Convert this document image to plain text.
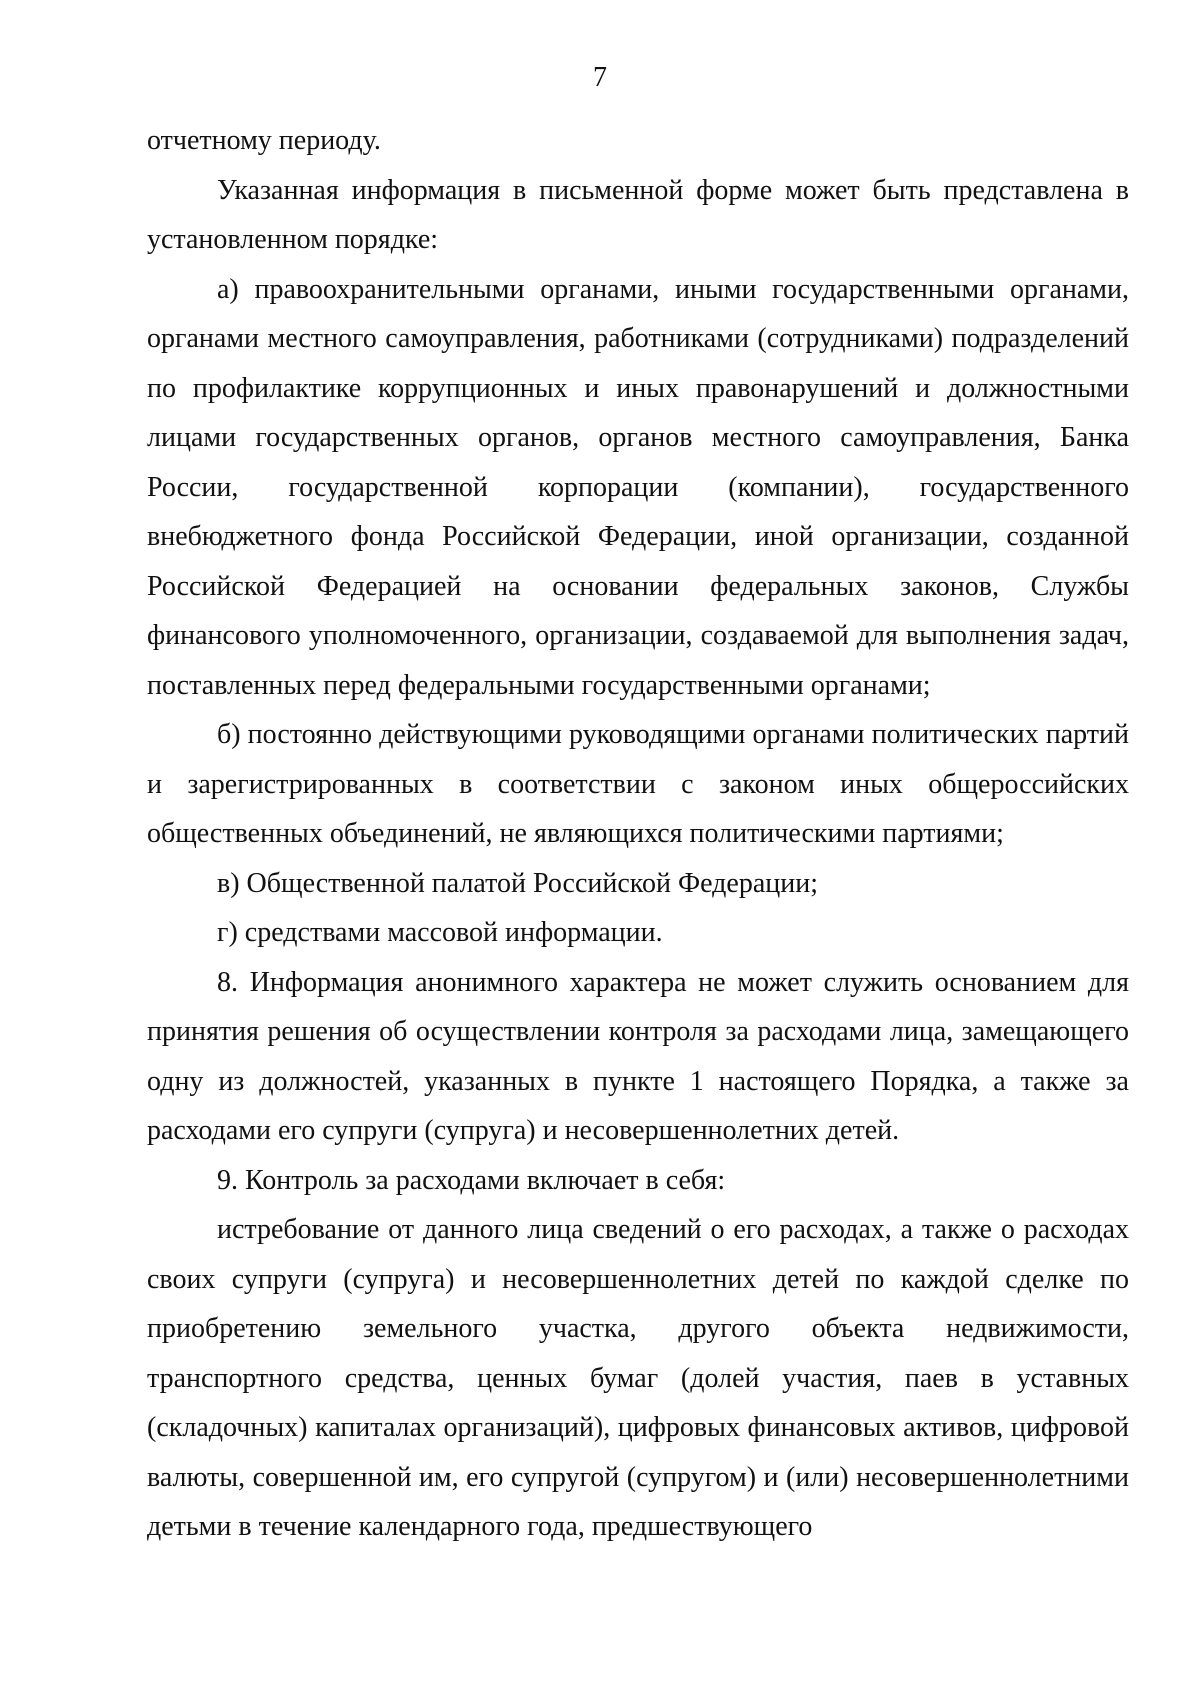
7

отчетному периоду.

Указанная информация в письменной форме может быть представлена в установленном порядке:

а) правоохранительными органами, иными государственными органами, органами местного самоуправления, работниками (сотрудниками) подразделений по профилактике коррупционных и иных правонарушений и должностными лицами государственных органов, органов местного самоуправления, Банка России, государственной корпорации (компании), государственного внебюджетного фонда Российской Федерации, иной организации, созданной Российской Федерацией на основании федеральных законов, Службы финансового уполномоченного, организации, создаваемой для выполнения задач, поставленных перед федеральными государственными органами;

б) постоянно действующими руководящими органами политических партий и зарегистрированных в соответствии с законом иных общероссийских общественных объединений, не являющихся политическими партиями;

в) Общественной палатой Российской Федерации;

г) средствами массовой информации.

8. Информация анонимного характера не может служить основанием для принятия решения об осуществлении контроля за расходами лица, замещающего одну из должностей, указанных в пункте 1 настоящего Порядка, а также за расходами его супруги (супруга) и несовершеннолетних детей.

9. Контроль за расходами включает в себя:

истребование от данного лица сведений о его расходах, а также о расходах своих супруги (супруга) и несовершеннолетних детей по каждой сделке по приобретению земельного участка, другого объекта недвижимости, транспортного средства, ценных бумаг (долей участия, паев в уставных (складочных) капиталах организаций), цифровых финансовых активов, цифровой валюты, совершенной им, его супругой (супругом) и (или) несовершеннолетними детьми в течение календарного года, предшествующего
